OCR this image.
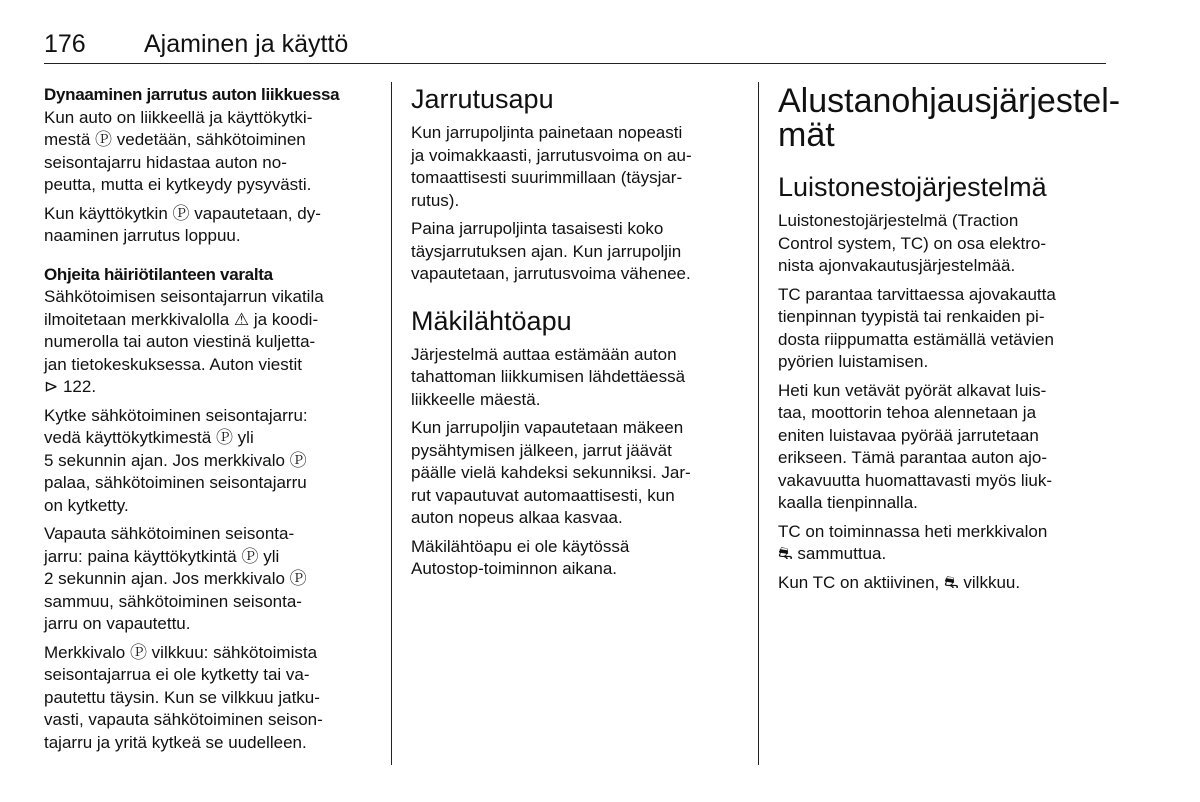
176 Ajaminen ja käyttö
Dynaaminen jarrutus auton liikkuessa

Kun auto on liikkeellä ja käyttökytki-
mestä Ⓟ vedetään, sähkötoiminen
seisontajarru hidastaa auton no-
peutta, mutta ei kytkeydy pysyvästi.

Kun käyttökytkin Ⓟ vapautetaan, dy-
naaminen jarrutus loppuu.

Ohjeita häiriötilanteen varalta

Sähkötoimisen seisontajarrun vikatila
ilmoitetaan merkkivalolla ⚠ ja koodi-
numerolla tai auton viestinä kuljetta-
jan tietokeskuksessa. Auton viestit
⊳ 122.

Kytke sähkötoiminen seisontajarru:
vedä käyttökytkimestä Ⓟ yli
5 sekunnin ajan. Jos merkkivalo Ⓟ
palaa, sähkötoiminen seisontajarru
on kytketty.

Vapauta sähkötoiminen seisonta-
jarru: paina käyttökytkintä Ⓟ yli
2 sekunnin ajan. Jos merkkivalo Ⓟ
sammuu, sähkötoiminen seisonta-
jarru on vapautettu.

Merkkivalo Ⓟ vilkkuu: sähkötoimista
seisontajarrua ei ole kytketty tai va-
pautettu täysin. Kun se vilkkuu jatku-
vasti, vapauta sähkötoiminen seison-
tajarru ja yritä kytkeä se uudelleen.

Jarrutusapu

Kun jarrupoljinta painetaan nopeasti
ja voimakkaasti, jarrutusvoima on au-
tomaattisesti suurimmillaan (täysjar-
rutus).

Paina jarrupoljinta tasaisesti koko
täysjarrutuksen ajan. Kun jarrupoljin
vapautetaan, jarrutusvoima vähenee.

Mäkilähtöapu

Järjestelmä auttaa estämään auton
tahattoman liikkumisen lähdettäessä
liikkeelle mäestä.

Kun jarrupoljin vapautetaan mäkeen
pysähtymisen jälkeen, jarrut jäävät
päälle vielä kahdeksi sekunniksi. Jar-
rut vapautuvat automaattisesti, kun
auton nopeus alkaa kasvaa.

Mäkilähtöapu ei ole käytössä
Autostop-toiminnon aikana.

Alustanohjausjärjestel-
mät
Luistonestojärjestelmä

Luistonestojärjestelmä (Traction
Control system, TC) on osa elektro-
nista ajonvakautusjärjestelmää.

TC parantaa tarvittaessa ajovakautta
tienpinnan tyypistä tai renkaiden pi-
dosta riippumatta estämällä vetävien
pyörien luistamisen.

Heti kun vetävät pyörät alkavat luis-
taa, moottorin tehoa alennetaan ja
eniten luistavaa pyörää jarrutetaan
erikseen. Tämä parantaa auton ajo-
vakavuutta huomattavasti myös liuk-
kaalla tienpinnalla.

TC on toiminnassa heti merkkivalon
⛐ sammuttua.

Kun TC on aktiivinen, ⛐ vilkkuu.
